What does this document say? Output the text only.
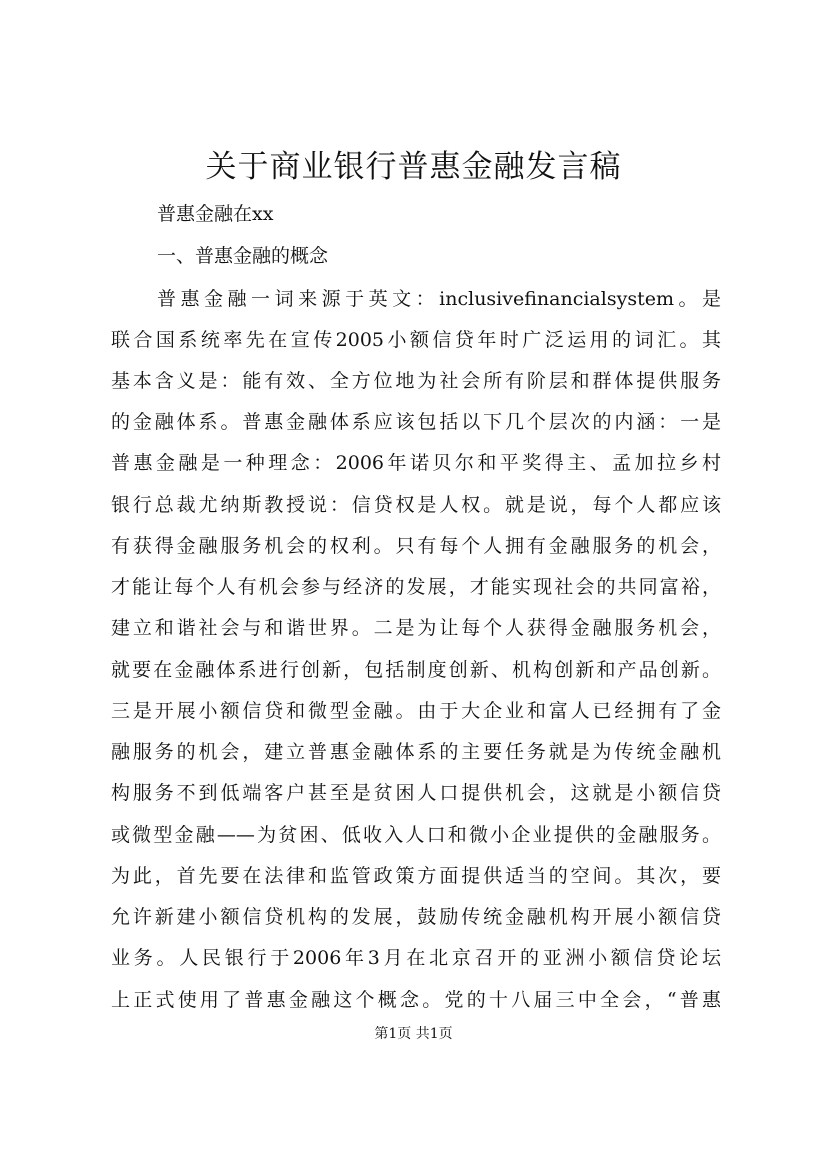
关于商业银行普惠金融发言稿
普惠金融在xx
一、普惠金融的概念
普惠金融一词来源于英文：inclusivefinancialsystem。是
联合国系统率先在宣传2005小额信贷年时广泛运用的词汇。其
基本含义是：能有效、全方位地为社会所有阶层和群体提供服务
的金融体系。普惠金融体系应该包括以下几个层次的内涵：一是
普惠金融是一种理念：2006年诺贝尔和平奖得主、孟加拉乡村
银行总裁尤纳斯教授说：信贷权是人权。就是说，每个人都应该
有获得金融服务机会的权利。只有每个人拥有金融服务的机会，
才能让每个人有机会参与经济的发展，才能实现社会的共同富裕，
建立和谐社会与和谐世界。二是为让每个人获得金融服务机会，
就要在金融体系进行创新，包括制度创新、机构创新和产品创新。
三是开展小额信贷和微型金融。由于大企业和富人已经拥有了金
融服务的机会，建立普惠金融体系的主要任务就是为传统金融机
构服务不到低端客户甚至是贫困人口提供机会，这就是小额信贷
或微型金融——为贫困、低收入人口和微小企业提供的金融服务。
为此，首先要在法律和监管政策方面提供适当的空间。其次，要
允许新建小额信贷机构的发展，鼓励传统金融机构开展小额信贷
业务。人民银行于2006年3月在北京召开的亚洲小额信贷论坛
上正式使用了普惠金融这个概念。党的十八届三中全会，“普惠
第1页 共1页
